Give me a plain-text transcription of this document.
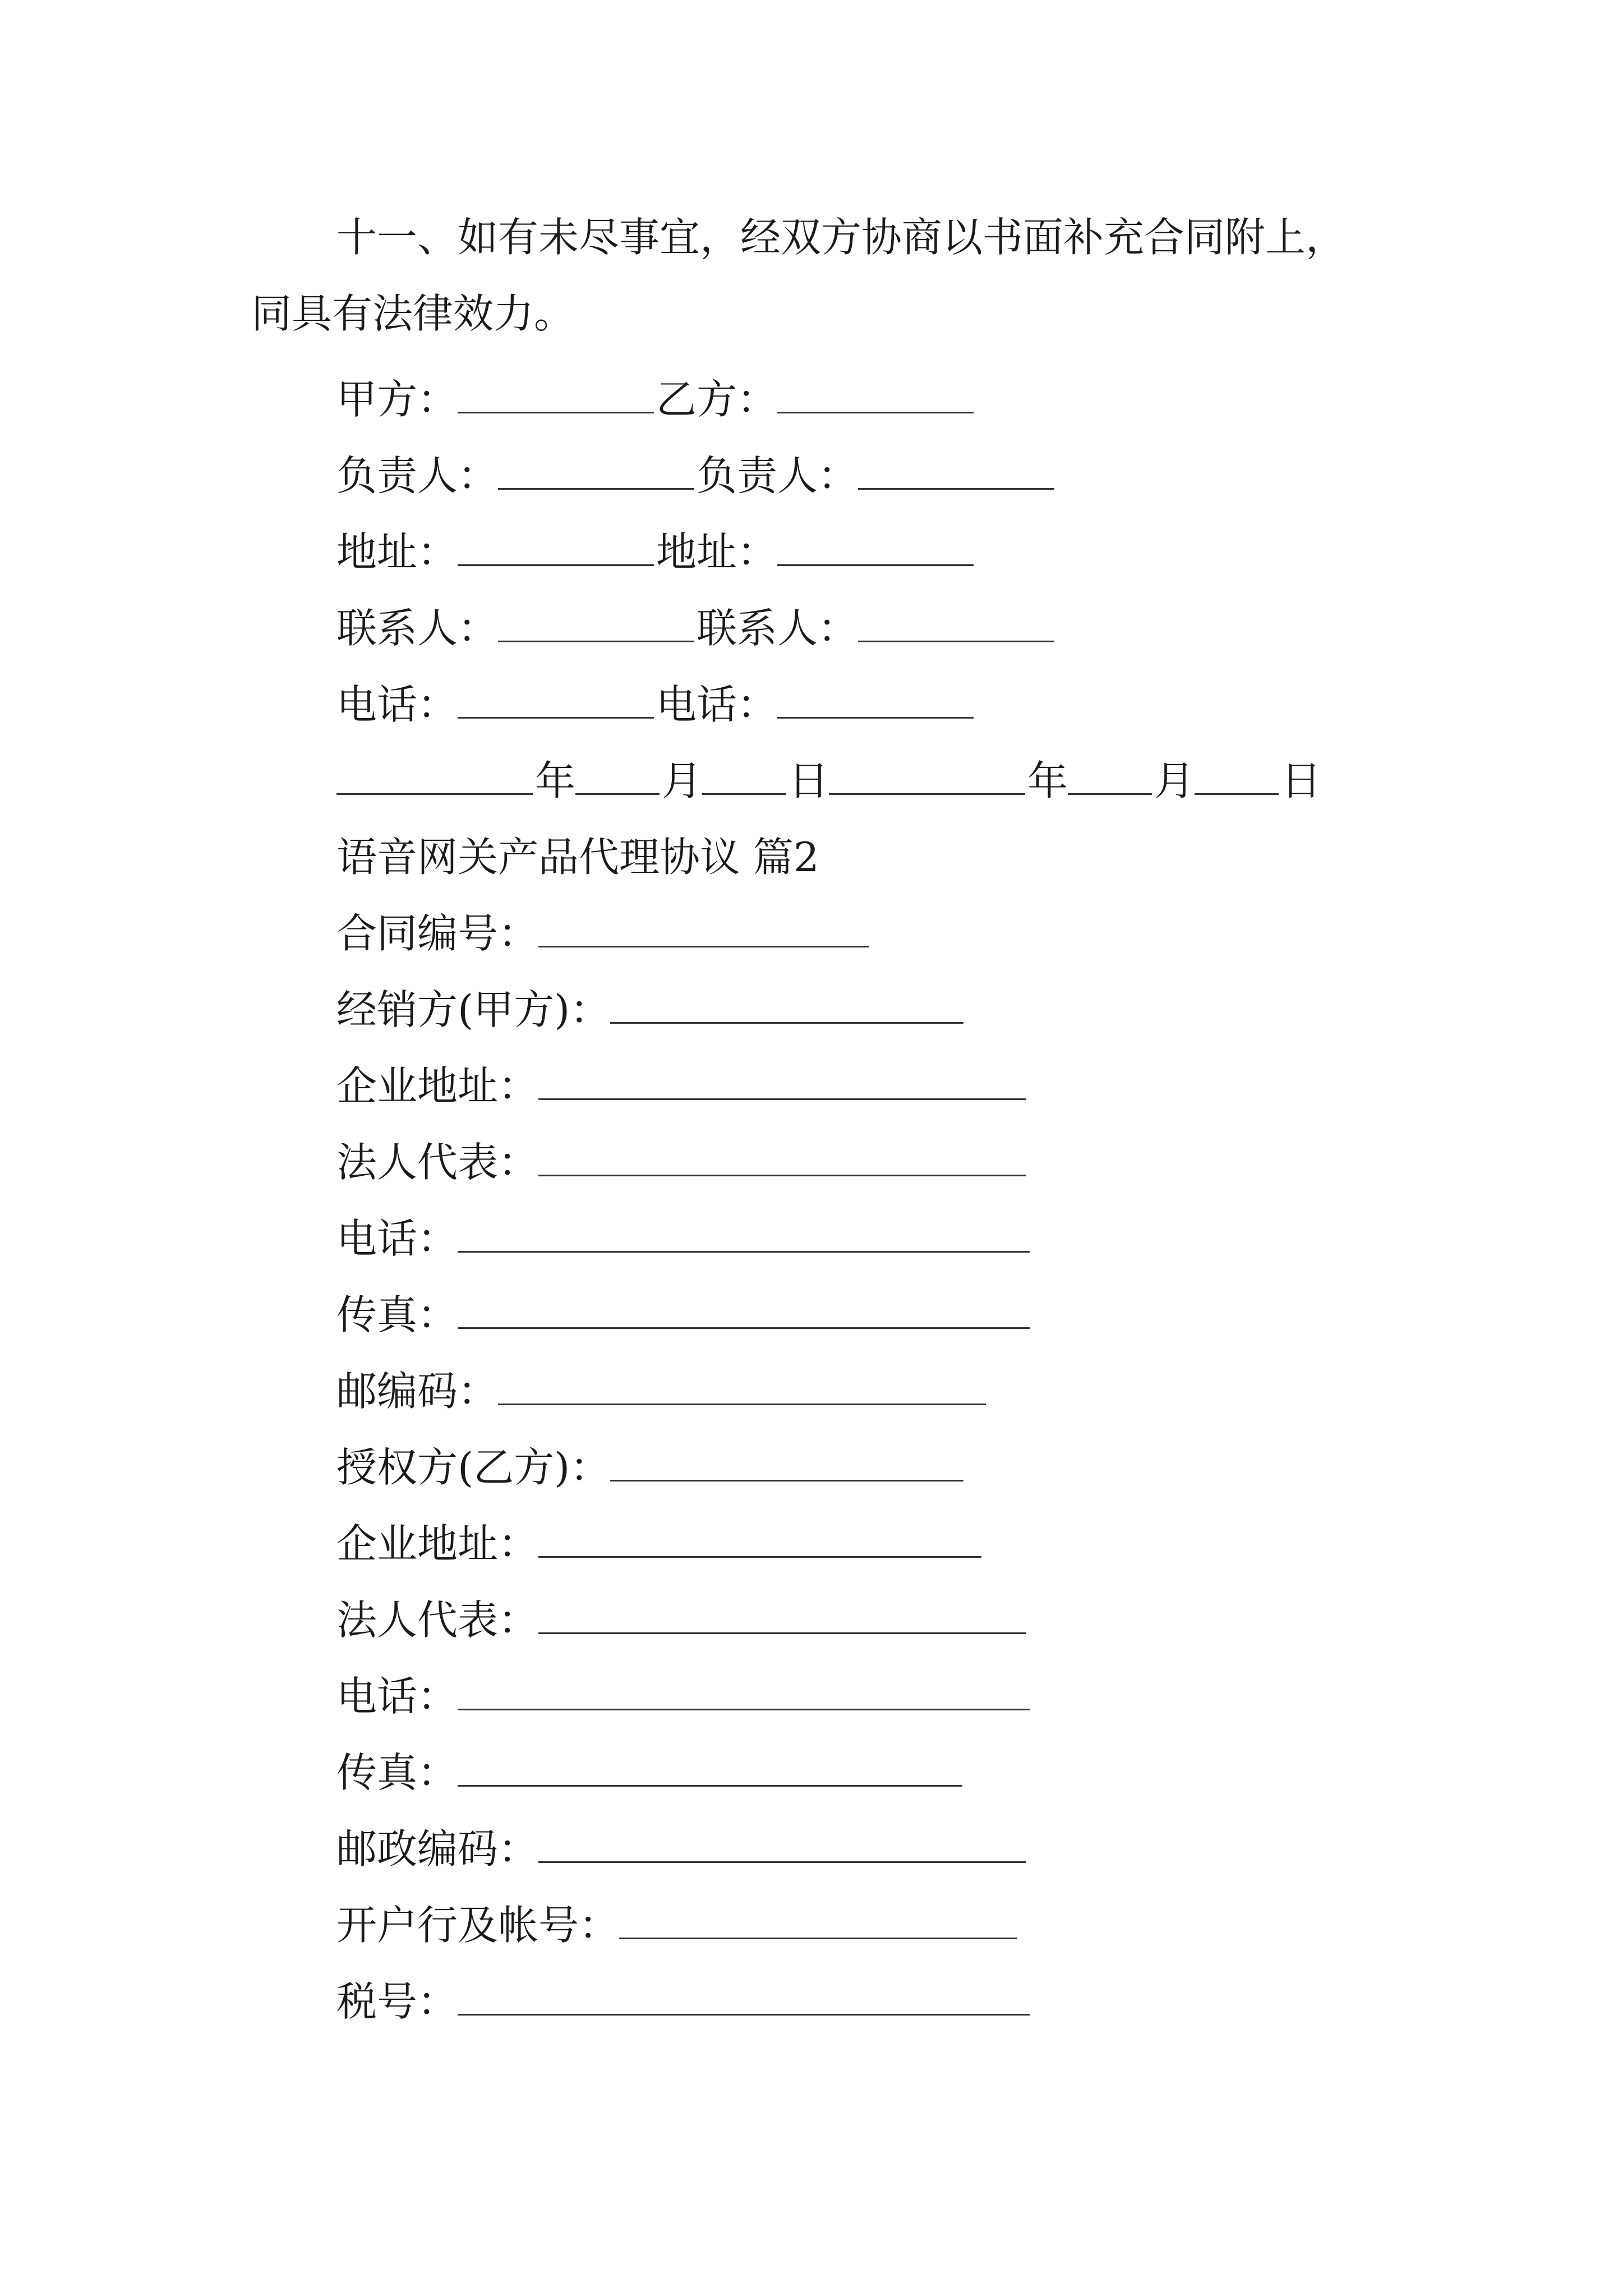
十一、如有未尽事宜，经双方协商以书面补充合同附上，
同具有法律效力。
甲方：	乙方：
负责人：	负责人：
地址：	地址：
联系人：	联系人：
电话：	电话：
年 月 日	年 月 日
语音网关产品代理协议 篇2
合同编号：
经销方(甲方)：
企业地址：
法人代表：
电话：
传真：
邮编码：
授权方(乙方)：
企业地址：
法人代表：
电话：
传真：
邮政编码：
开户行及帐号：
税号：
